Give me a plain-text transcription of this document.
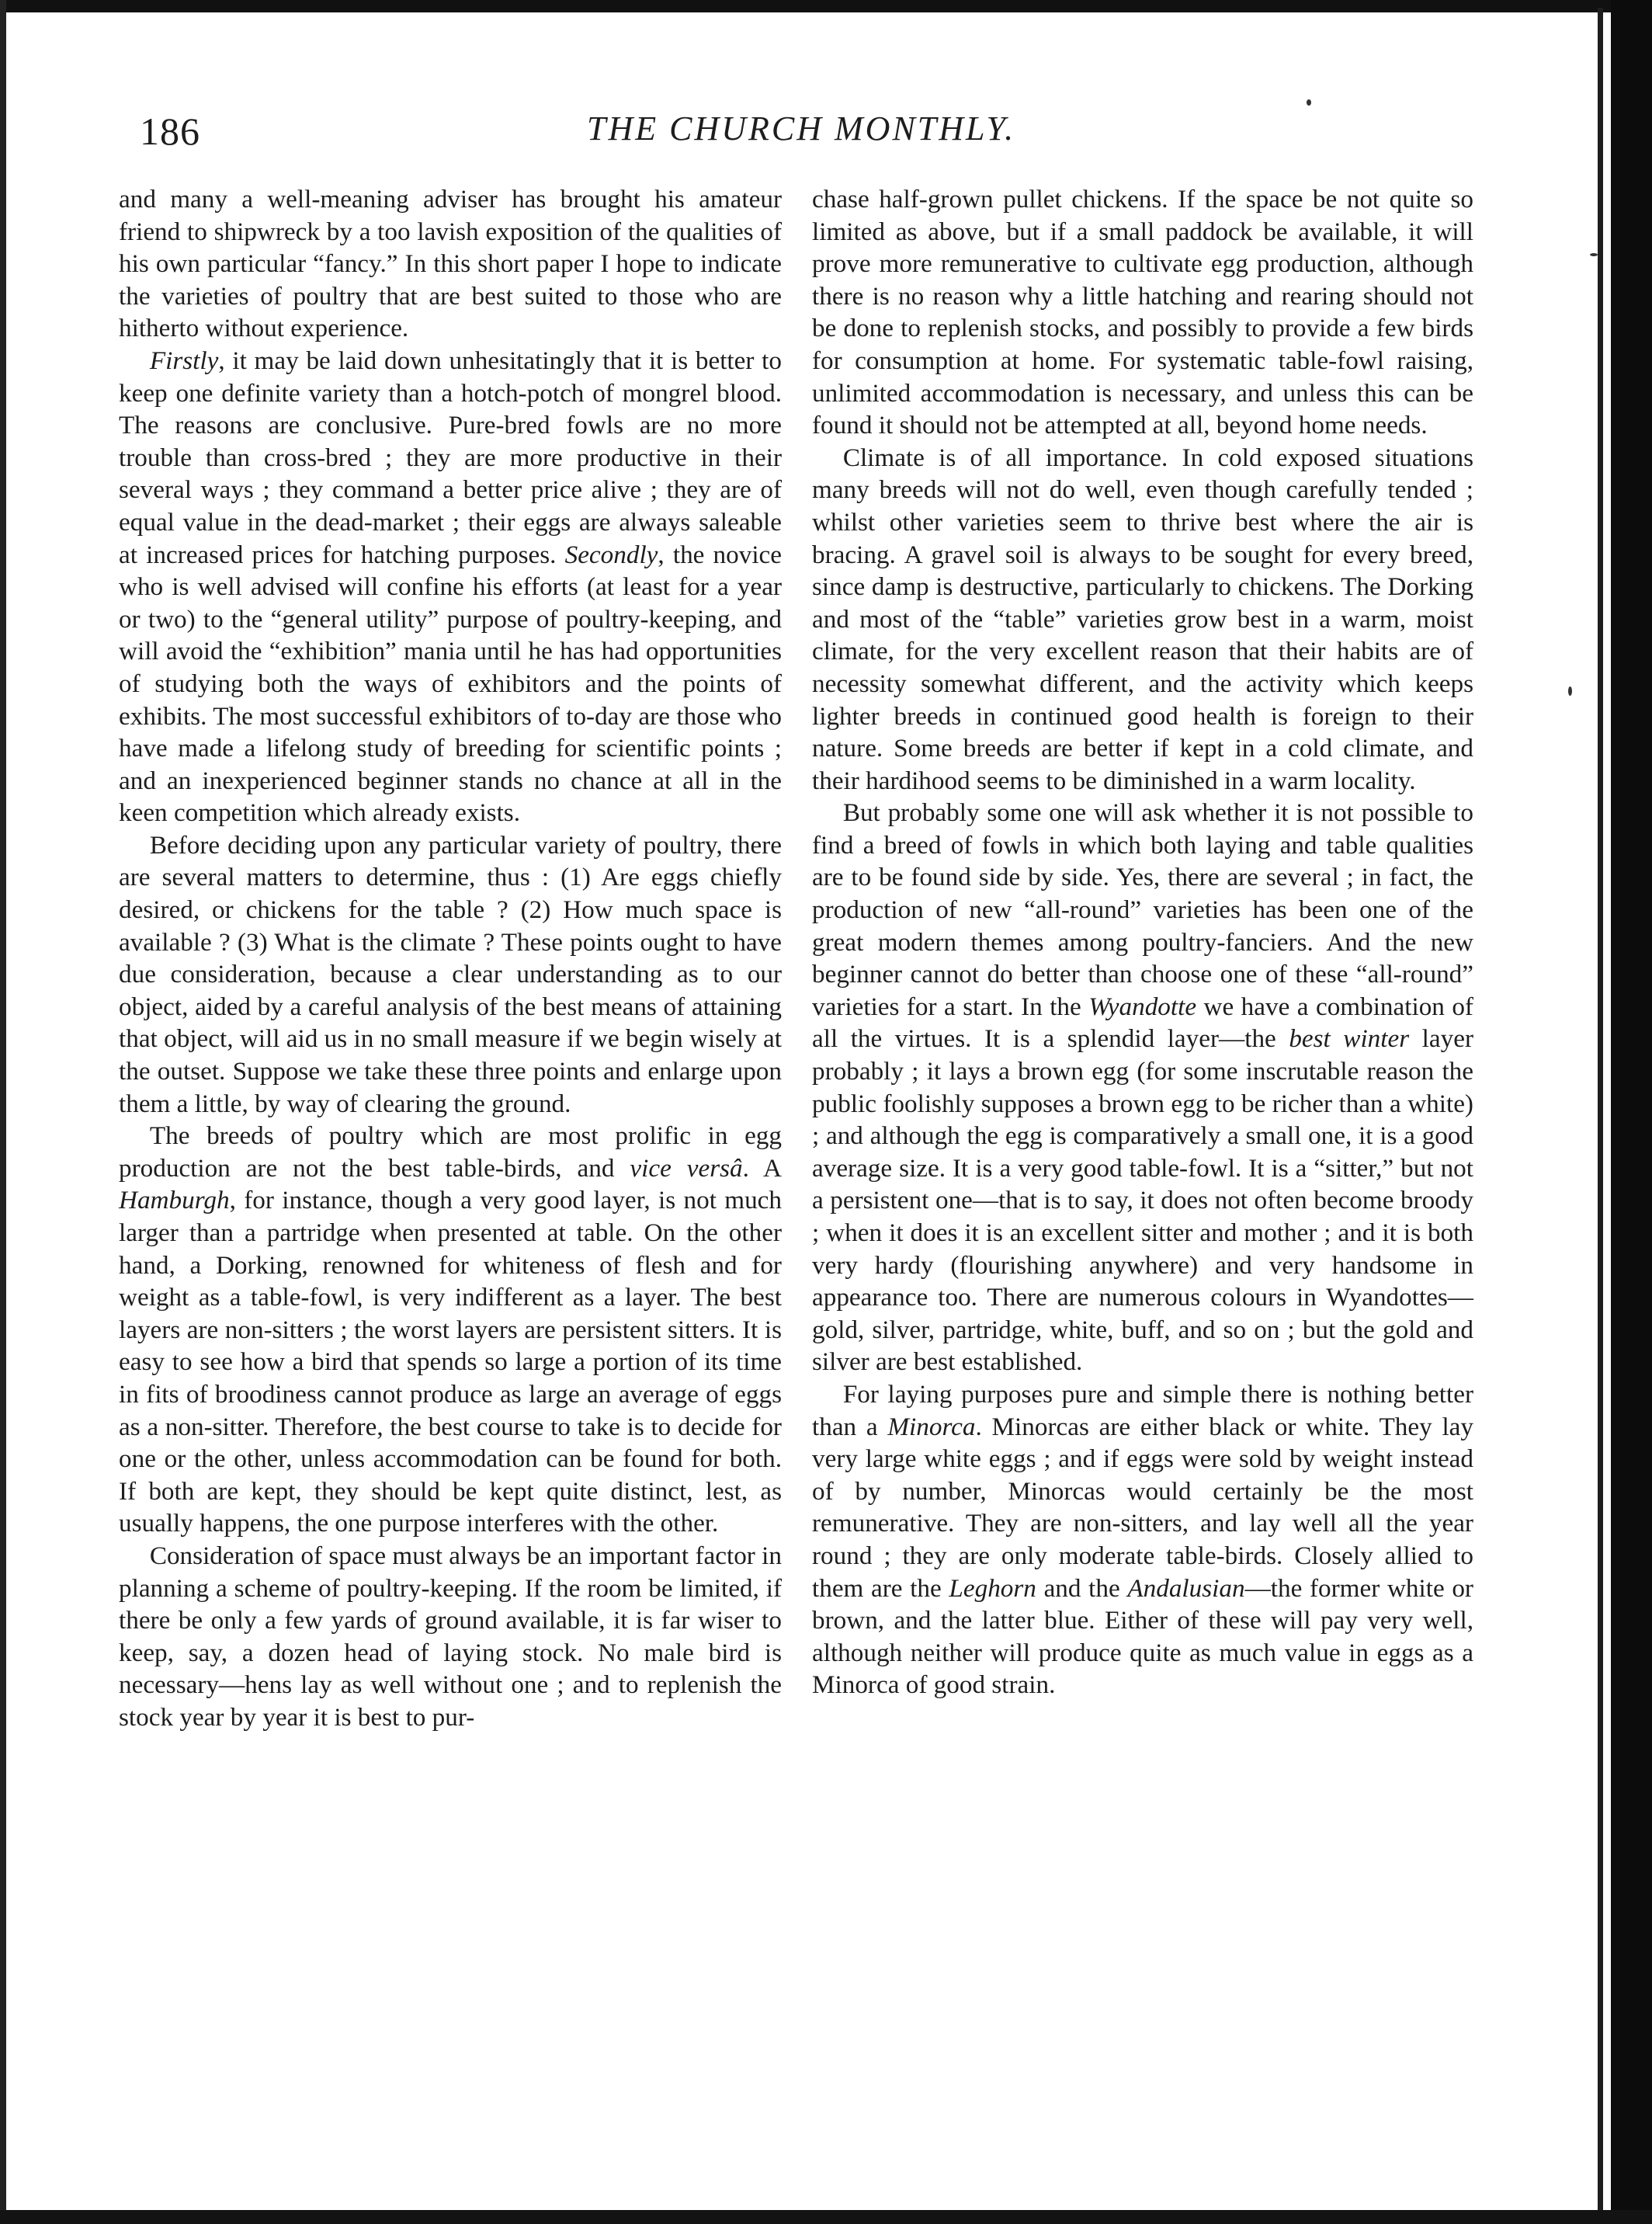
186	THE CHURCH MONTHLY.

and many a well-meaning adviser has brought his amateur friend to shipwreck by a too lavish exposition of the qualities of his own particular “fancy.” In this short paper I hope to indicate the varieties of poultry that are best suited to those who are hitherto without experience.

Firstly, it may be laid down unhesitatingly that it is better to keep one definite variety than a hotch-potch of mongrel blood. The reasons are conclusive. Pure-bred fowls are no more trouble than cross-bred ; they are more productive in their several ways ; they command a better price alive ; they are of equal value in the dead-market ; their eggs are always saleable at increased prices for hatching purposes. Secondly, the novice who is well advised will confine his efforts (at least for a year or two) to the “general utility” purpose of poultry-keeping, and will avoid the “exhibition” mania until he has had opportunities of studying both the ways of exhibitors and the points of exhibits. The most successful exhibitors of to-day are those who have made a lifelong study of breeding for scientific points ; and an inexperienced beginner stands no chance at all in the keen competition which already exists.

Before deciding upon any particular variety of poultry, there are several matters to determine, thus : (1) Are eggs chiefly desired, or chickens for the table ? (2) How much space is available ? (3) What is the climate ? These points ought to have due consideration, because a clear understanding as to our object, aided by a careful analysis of the best means of attaining that object, will aid us in no small measure if we begin wisely at the outset. Suppose we take these three points and enlarge upon them a little, by way of clearing the ground.

The breeds of poultry which are most prolific in egg production are not the best table-birds, and vice versâ. A Hamburgh, for instance, though a very good layer, is not much larger than a partridge when presented at table. On the other hand, a Dorking, renowned for whiteness of flesh and for weight as a table-fowl, is very indifferent as a layer. The best layers are non-sitters ; the worst layers are persistent sitters. It is easy to see how a bird that spends so large a portion of its time in fits of broodiness cannot produce as large an average of eggs as a non-sitter. Therefore, the best course to take is to decide for one or the other, unless accommodation can be found for both. If both are kept, they should be kept quite distinct, lest, as usually happens, the one purpose interferes with the other.

Consideration of space must always be an important factor in planning a scheme of poultry-keeping. If the room be limited, if there be only a few yards of ground available, it is far wiser to keep, say, a dozen head of laying stock. No male bird is necessary—hens lay as well without one ; and to replenish the stock year by year it is best to pur-

chase half-grown pullet chickens. If the space be not quite so limited as above, but if a small paddock be available, it will prove more remunerative to cultivate egg production, although there is no reason why a little hatching and rearing should not be done to replenish stocks, and possibly to provide a few birds for consumption at home. For systematic table-fowl raising, unlimited accommodation is necessary, and unless this can be found it should not be attempted at all, beyond home needs.

Climate is of all importance. In cold exposed situations many breeds will not do well, even though carefully tended ; whilst other varieties seem to thrive best where the air is bracing. A gravel soil is always to be sought for every breed, since damp is destructive, particularly to chickens. The Dorking and most of the “table” varieties grow best in a warm, moist climate, for the very excellent reason that their habits are of necessity somewhat different, and the activity which keeps lighter breeds in continued good health is foreign to their nature. Some breeds are better if kept in a cold climate, and their hardihood seems to be diminished in a warm locality.

But probably some one will ask whether it is not possible to find a breed of fowls in which both laying and table qualities are to be found side by side. Yes, there are several ; in fact, the production of new “all-round” varieties has been one of the great modern themes among poultry-fanciers. And the new beginner cannot do better than choose one of these “all-round” varieties for a start. In the Wyandotte we have a combination of all the virtues. It is a splendid layer—the best winter layer probably ; it lays a brown egg (for some inscrutable reason the public foolishly supposes a brown egg to be richer than a white) ; and although the egg is comparatively a small one, it is a good average size. It is a very good table-fowl. It is a “sitter,” but not a persistent one—that is to say, it does not often become broody ; when it does it is an excellent sitter and mother ; and it is both very hardy (flourishing anywhere) and very handsome in appearance too. There are numerous colours in Wyandottes—gold, silver, partridge, white, buff, and so on ; but the gold and silver are best established.

For laying purposes pure and simple there is nothing better than a Minorca. Minorcas are either black or white. They lay very large white eggs ; and if eggs were sold by weight instead of by number, Minorcas would certainly be the most remunerative. They are non-sitters, and lay well all the year round ; they are only moderate table-birds. Closely allied to them are the Leghorn and the Andalusian—the former white or brown, and the latter blue. Either of these will pay very well, although neither will produce quite as much value in eggs as a Minorca of good strain.
